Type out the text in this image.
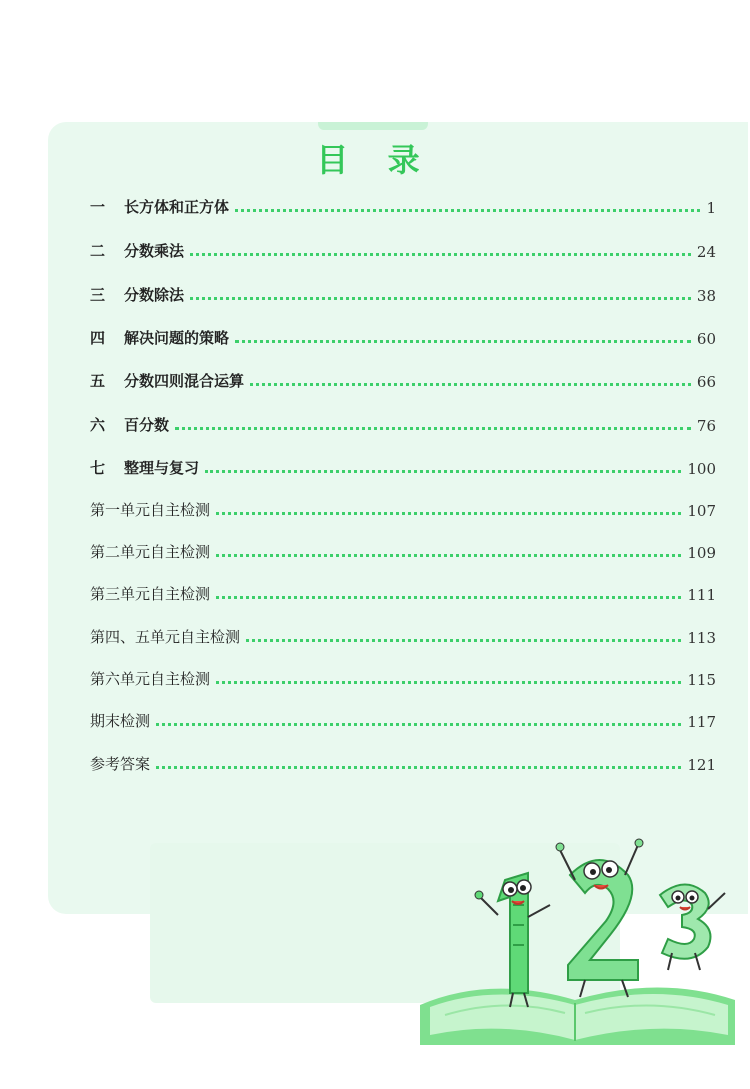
目 录
一	长方体和正方体	1
二	分数乘法	24
三	分数除法	38
四	解决问题的策略	60
五	分数四则混合运算	66
六	百分数	76
七	整理与复习	100
第一单元自主检测	107
第二单元自主检测	109
第三单元自主检测	111
第四、五单元自主检测	113
第六单元自主检测	115
期末检测	117
参考答案	121
